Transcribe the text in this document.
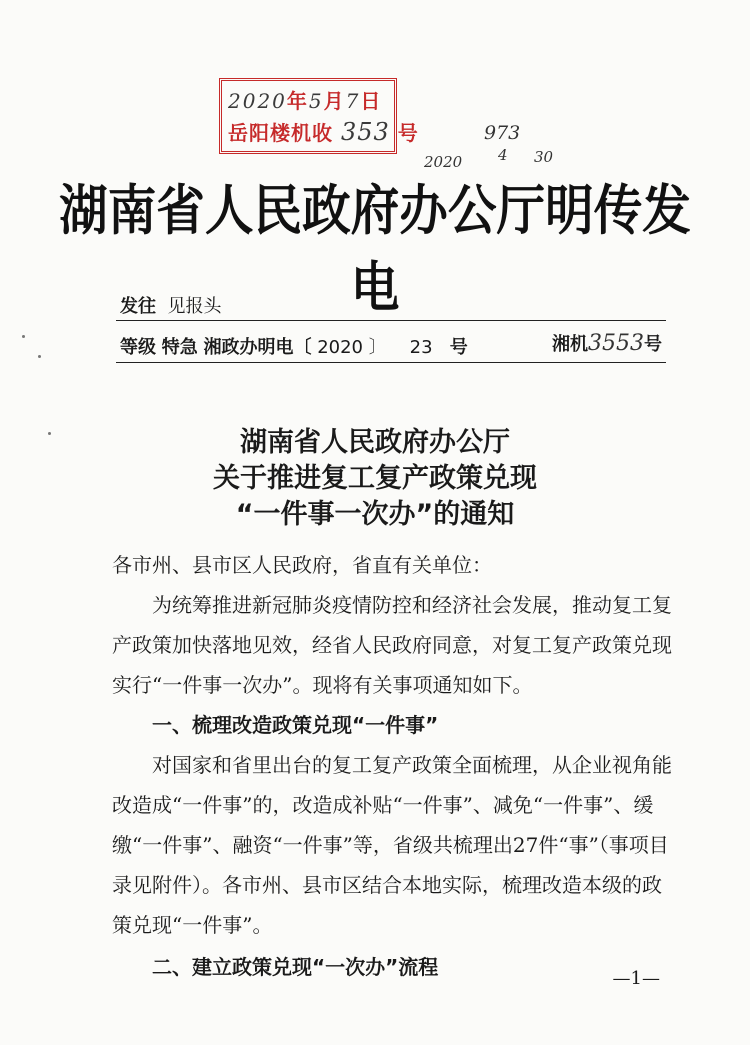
2020年5月7日
岳阳楼机收 353 号	973
2020 4 30
湖南省人民政府办公厅明传发电
发往 见报头
等级 特急 湘政办明电〔 2020 〕 23 号	湘机3553号
湖南省人民政府办公厅
关于推进复工复产政策兑现
“一件事一次办”的通知

各市州、县市区人民政府，省直有关单位：

为统筹推进新冠肺炎疫情防控和经济社会发展，推动复工复产政策加快落地见效，经省人民政府同意，对复工复产政策兑现实行“一件事一次办”。现将有关事项通知如下。

一、梳理改造政策兑现“一件事”

对国家和省里出台的复工复产政策全面梳理，从企业视角能改造成“一件事”的，改造成补贴“一件事”、减免“一件事”、缓缴“一件事”、融资“一件事”等，省级共梳理出27件“事”（事项目录见附件）。各市州、县市区结合本地实际，梳理改造本级的政策兑现“一件事”。

二、建立政策兑现“一次办”流程	—1—
